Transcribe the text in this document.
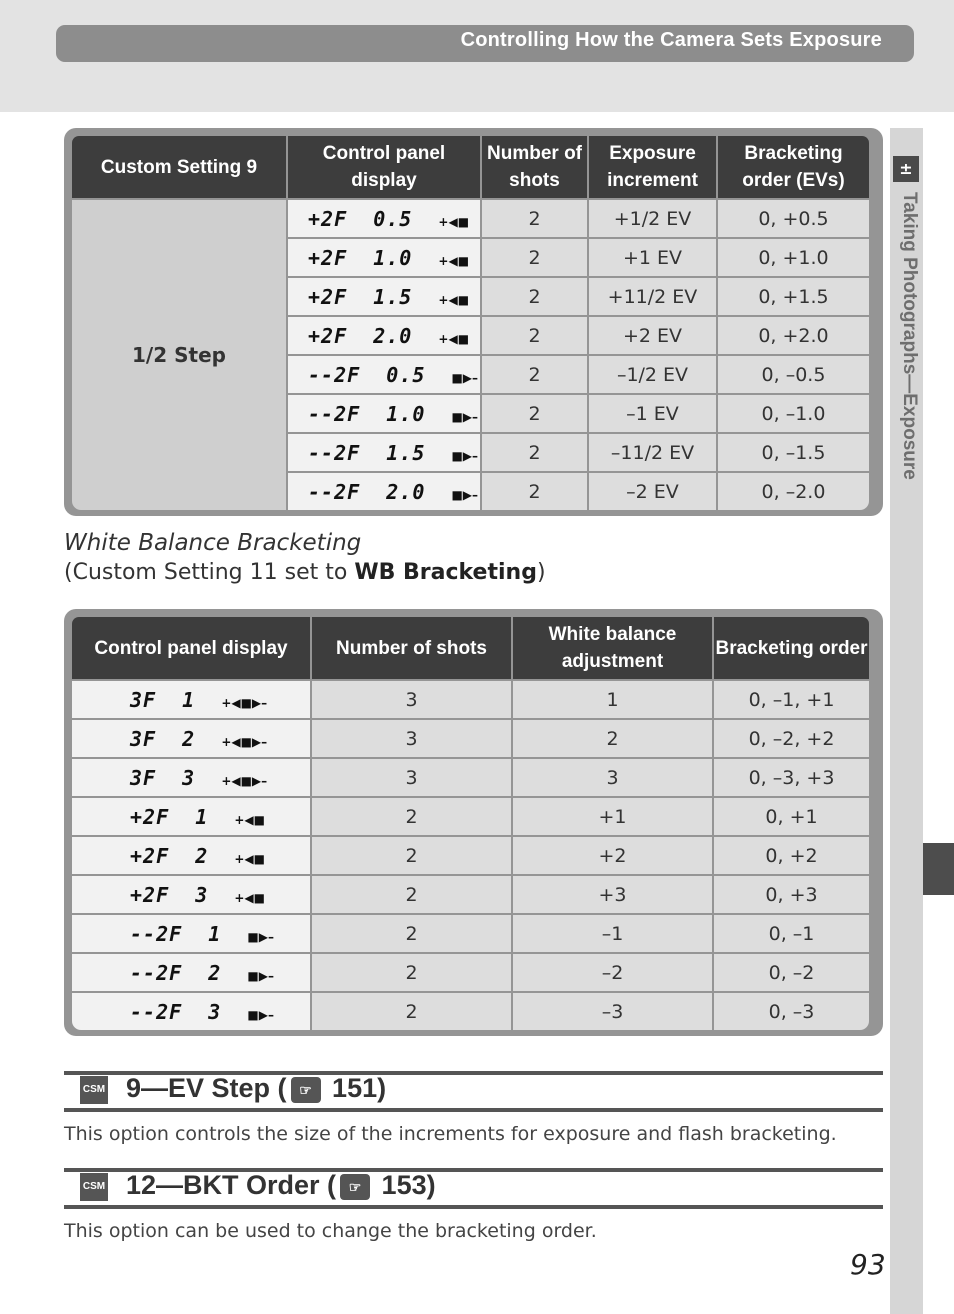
Controlling How the Camera Sets Exposure
±
Taking Photographs—Exposure
Custom Setting 9	Control panel display	Number of shots	Exposure increment	Bracketing order (EVs)
1/2 Step	+2F  0.5 +◀■	2	+1/2 EV	0, +0.5
	+2F  1.0 +◀■	2	+1 EV	0, +1.0
	+2F  1.5 +◀■	2	+11/2 EV	0, +1.5
	+2F  2.0 +◀■	2	+2 EV	0, +2.0
	--2F  0.5 ■▶–	2	–1/2 EV	0, –0.5
	--2F  1.0 ■▶–	2	–1 EV	0, –1.0
	--2F  1.5 ■▶–	2	–11/2 EV	0, –1.5
	--2F  2.0 ■▶–	2	–2 EV	0, –2.0
White Balance Bracketing
(Custom Setting 11 set to WB Bracketing)
Control panel display	Number of shots	White balance adjustment	Bracketing order
3F  1 +◀■▶–	3	1	0, –1, +1
3F  2 +◀■▶–	3	2	0, –2, +2
3F  3 +◀■▶–	3	3	0, –3, +3
+2F  1 +◀■	2	+1	0, +1
+2F  2 +◀■	2	+2	0, +2
+2F  3 +◀■	2	+3	0, +3
--2F  1 ■▶–	2	–1	0, –1
--2F  2 ■▶–	2	–2	0, –2
--2F  3 ■▶–	2	–3	0, –3
CSM 9—EV Step ( ☞ 151)
This option controls the size of the increments for exposure and flash bracketing.
CSM 12—BKT Order ( ☞ 153)
This option can be used to change the bracketing order.
93
